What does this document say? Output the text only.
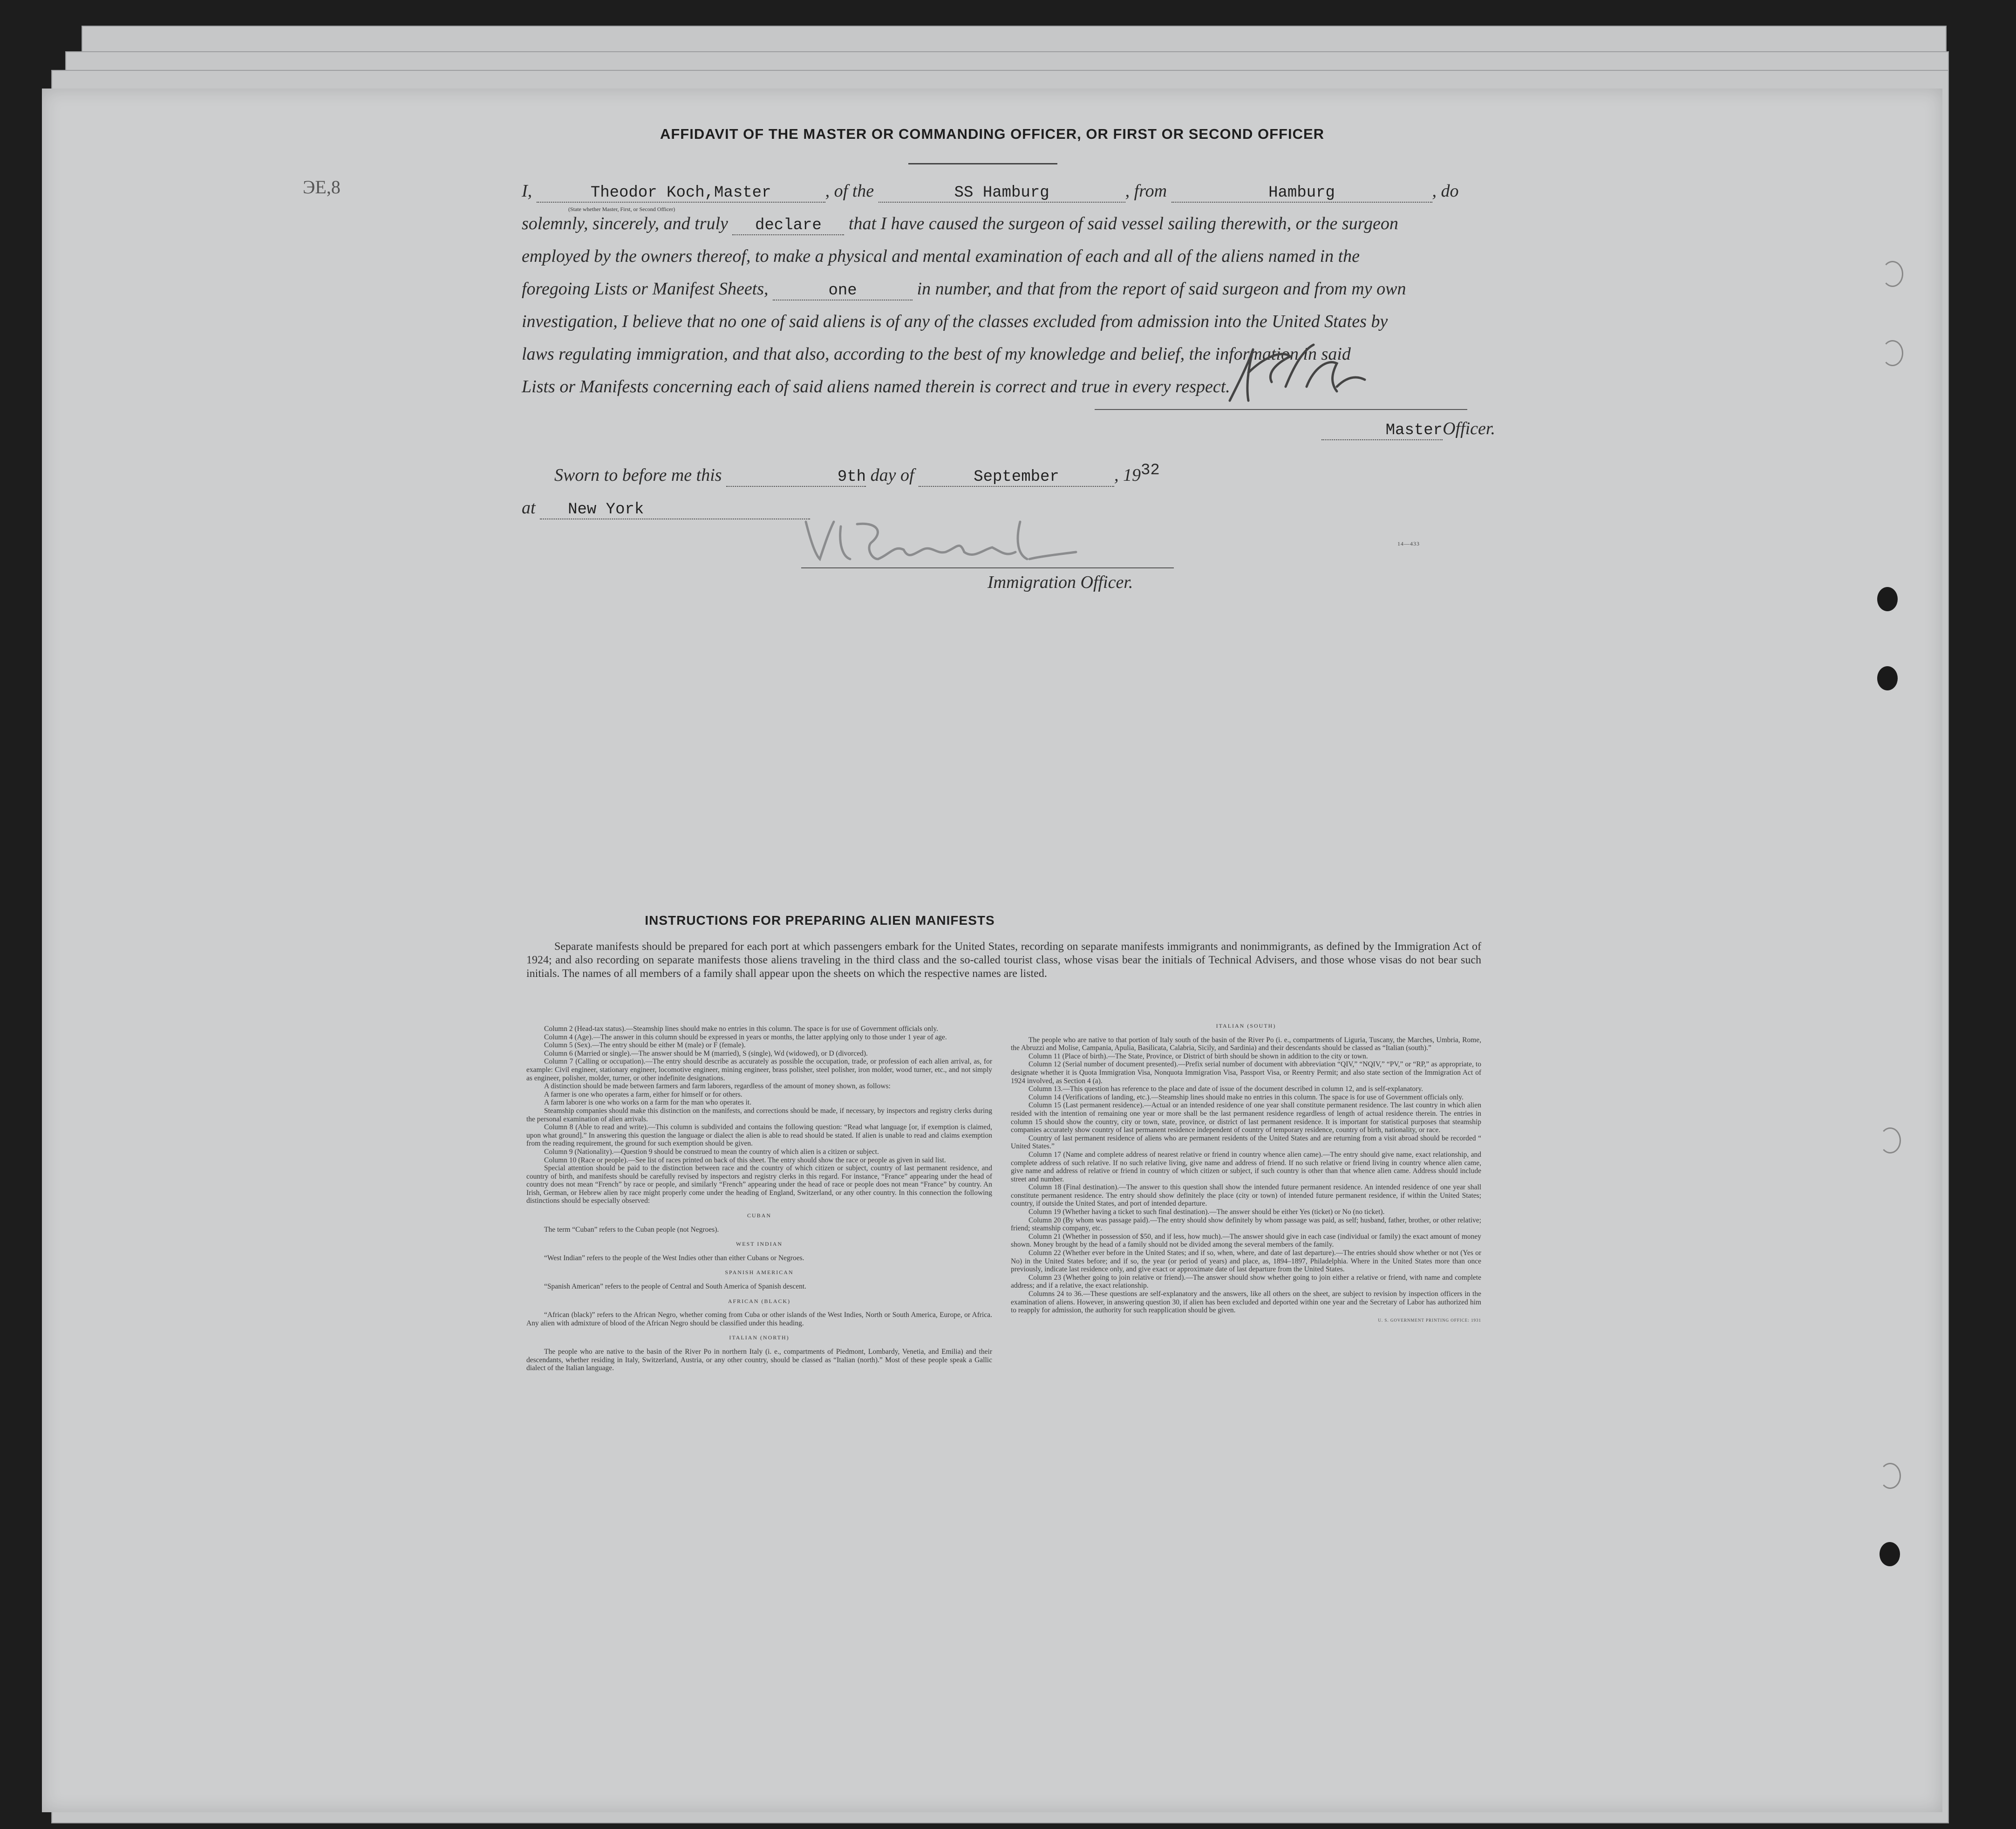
AFFIDAVIT OF THE MASTER OR COMMANDING OFFICER, OR FIRST OR SECOND OFFICER
ЭЕ,8	I,	Theodor Koch,Master	, of the	SS Hamburg	, from	Hamburg	, do
(State whether Master, First, or Second Officer)
solemnly, sincerely, and truly declare that I have caused the surgeon of said vessel sailing therewith, or the surgeon
employed by the owners thereof, to make a physical and mental examination of each and all of the aliens named in the
foregoing Lists or Manifest Sheets,	one	in number, and that from the report of said surgeon and from my own
investigation, I believe that no one of said aliens is of any of the classes excluded from admission into the United States by
laws regulating immigration, and that also, according to the best of my knowledge and belief, the information in said
Lists or Manifests concerning each of said aliens named therein is correct and true in every respect.
MasterOfficer.
Sworn to before me this	9th day of	September	, 1932
at New York
Immigration Officer.
14—433
INSTRUCTIONS FOR PREPARING ALIEN MANIFESTS
Separate manifests should be prepared for each port at which passengers embark for the United States, recording on separate manifests immigrants and nonimmigrants, as defined by the Immigration Act of 1924; and also recording on separate manifests those aliens traveling in the third class and the so-called tourist class, whose visas bear the initials of Technical Advisers, and those whose visas do not bear such initials. The names of all members of a family shall appear upon the sheets on which the respective names are listed.

Column 2 (Head-tax status).—Steamship lines should make no entries in this column. The space is for use of Government officials only.

Column 4 (Age).—The answer in this column should be expressed in years or months, the latter applying only to those under 1 year of age.

Column 5 (Sex).—The entry should be either M (male) or F (female).

Column 6 (Married or single).—The answer should be M (married), S (single), Wd (widowed), or D (divorced).

Column 7 (Calling or occupation).—The entry should describe as accurately as possible the occupation, trade, or profession of each alien arrival, as, for example: Civil engineer, stationary engineer, locomotive engineer, mining engineer, brass polisher, steel polisher, iron molder, wood turner, etc., and not simply as engineer, polisher, molder, turner, or other indefinite designations.

A distinction should be made between farmers and farm laborers, regardless of the amount of money shown, as follows:

A farmer is one who operates a farm, either for himself or for others.

A farm laborer is one who works on a farm for the man who operates it.

Steamship companies should make this distinction on the manifests, and corrections should be made, if necessary, by inspectors and registry clerks during the personal examination of alien arrivals.

Column 8 (Able to read and write).—This column is subdivided and contains the following question: “Read what language [or, if exemption is claimed, upon what ground].” In answering this question the language or dialect the alien is able to read should be stated. If alien is unable to read and claims exemption from the reading requirement, the ground for such exemption should be given.

Column 9 (Nationality).—Question 9 should be construed to mean the country of which alien is a citizen or subject.

Column 10 (Race or people).—See list of races printed on back of this sheet. The entry should show the race or people as given in said list.

Special attention should be paid to the distinction between race and the country of which citizen or subject, country of last permanent residence, and country of birth, and manifests should be carefully revised by inspectors and registry clerks in this regard. For instance, “France” appearing under the head of country does not mean “French” by race or people, and similarly “French” appearing under the head of race or people does not mean “France” by country. An Irish, German, or Hebrew alien by race might properly come under the heading of England, Switzerland, or any other country. In this connection the following distinctions should be especially observed:

CUBAN

The term “Cuban” refers to the Cuban people (not Negroes).

WEST INDIAN

“West Indian” refers to the people of the West Indies other than either Cubans or Negroes.

SPANISH AMERICAN

“Spanish American” refers to the people of Central and South America of Spanish descent.

AFRICAN (BLACK)

“African (black)” refers to the African Negro, whether coming from Cuba or other islands of the West Indies, North or South America, Europe, or Africa. Any alien with admixture of blood of the African Negro should be classified under this heading.

ITALIAN (NORTH)

The people who are native to the basin of the River Po in northern Italy (i. e., compartments of Piedmont, Lombardy, Venetia, and Emilia) and their descendants, whether residing in Italy, Switzerland, Austria, or any other country, should be classed as “Italian (north).” Most of these people speak a Gallic dialect of the Italian language.

ITALIAN (SOUTH)

The people who are native to that portion of Italy south of the basin of the River Po (i. e., compartments of Liguria, Tuscany, the Marches, Umbria, Rome, the Abruzzi and Molise, Campania, Apulia, Basilicata, Calabria, Sicily, and Sardinia) and their descendants should be classed as “Italian (south).”

Column 11 (Place of birth).—The State, Province, or District of birth should be shown in addition to the city or town.

Column 12 (Serial number of document presented).—Prefix serial number of document with abbreviation “QIV,” “NQIV,” “PV,” or “RP,” as appropriate, to designate whether it is Quota Immigration Visa, Nonquota Immigration Visa, Passport Visa, or Reentry Permit; and also state section of the Immigration Act of 1924 involved, as Section 4 (a).

Column 13.—This question has reference to the place and date of issue of the document described in column 12, and is self-explanatory.

Column 14 (Verifications of landing, etc.).—Steamship lines should make no entries in this column. The space is for use of Government officials only.

Column 15 (Last permanent residence).—Actual or an intended residence of one year shall constitute permanent residence. The last country in which alien resided with the intention of remaining one year or more shall be the last permanent residence regardless of length of actual residence therein. The entries in column 15 should show the country, city or town, state, province, or district of last permanent residence. It is important for statistical purposes that steamship companies accurately show country of last permanent residence independent of country of temporary residence, country of birth, nationality, or race.

Country of last permanent residence of aliens who are permanent residents of the United States and are returning from a visit abroad should be recorded “ United States.”

Column 17 (Name and complete address of nearest relative or friend in country whence alien came).—The entry should give name, exact relationship, and complete address of such relative. If no such relative living, give name and address of friend. If no such relative or friend living in country whence alien came, give name and address of relative or friend in country of which citizen or subject, if such country is other than that whence alien came. Address should include street and number.

Column 18 (Final destination).—The answer to this question shall show the intended future permanent residence. An intended residence of one year shall constitute permanent residence. The entry should show definitely the place (city or town) of intended future permanent residence, if within the United States; country, if outside the United States, and port of intended departure.

Column 19 (Whether having a ticket to such final destination).—The answer should be either Yes (ticket) or No (no ticket).

Column 20 (By whom was passage paid).—The entry should show definitely by whom passage was paid, as self; husband, father, brother, or other relative; friend; steamship company, etc.

Column 21 (Whether in possession of $50, and if less, how much).—The answer should give in each case (individual or family) the exact amount of money shown. Money brought by the head of a family should not be divided among the several members of the family.

Column 22 (Whether ever before in the United States; and if so, when, where, and date of last departure).—The entries should show whether or not (Yes or No) in the United States before; and if so, the year (or period of years) and place, as, 1894–1897, Philadelphia. Where in the United States more than once previously, indicate last residence only, and give exact or approximate date of last departure from the United States.

Column 23 (Whether going to join relative or friend).—The answer should show whether going to join either a relative or friend, with name and complete address; and if a relative, the exact relationship.

Columns 24 to 36.—These questions are self-explanatory and the answers, like all others on the sheet, are subject to revision by inspection officers in the examination of aliens. However, in answering question 30, if alien has been excluded and deported within one year and the Secretary of Labor has authorized him to reapply for admission, the authority for such reapplication should be given.

U. S. GOVERNMENT PRINTING OFFICE: 1931
